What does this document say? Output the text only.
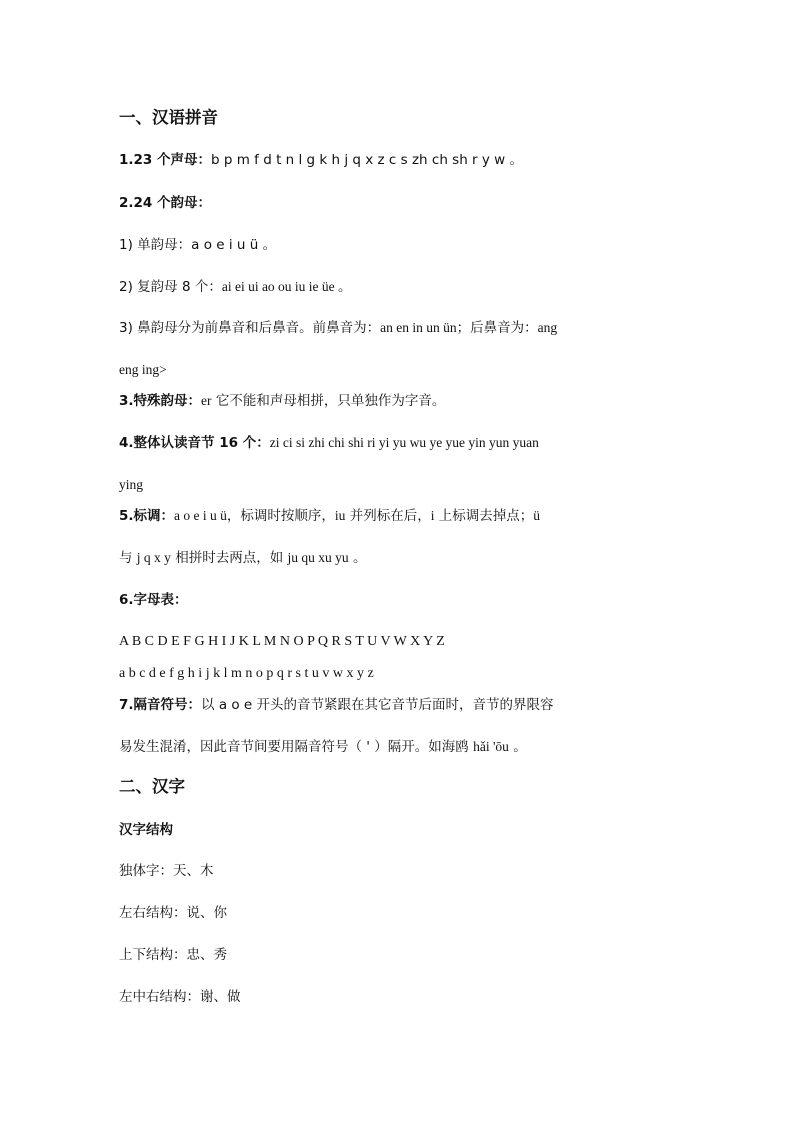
一、汉语拼音
1.23 个声母：b p m f d t n l g k h j q x z c s zh ch sh r y w 。
2.24 个韵母：
1) 单韵母：a o e i u ü 。
2) 复韵母 8 个：ai ei ui ao ou iu ie üe 。
3) 鼻韵母分为前鼻音和后鼻音。前鼻音为：an en in un ün；后鼻音为：ang
eng ing>
3.特殊韵母：er 它不能和声母相拼，只单独作为字音。
4.整体认读音节 16 个：zi ci si zhi chi shi ri yi yu wu ye yue yin yun yuan
ying
5.标调：a o e i u ü，标调时按顺序，iu 并列标在后，i 上标调去掉点；ü
与 j q x y 相拼时去两点，如 ju qu xu yu 。
6.字母表：
A B C D E F G H I J K L M N O P Q R S T U V W X Y Z
a b c d e f g h i j k l m n o p q r s t u v w x y z
7.隔音符号：以 a o e 开头的音节紧跟在其它音节后面时，音节的界限容
易发生混淆，因此音节间要用隔音符号（ ' ）隔开。如海鸥 hǎi 'ōu 。
二、汉字
汉字结构
独体字：天、木
左右结构：说、你
上下结构：忠、秀
左中右结构：谢、做
